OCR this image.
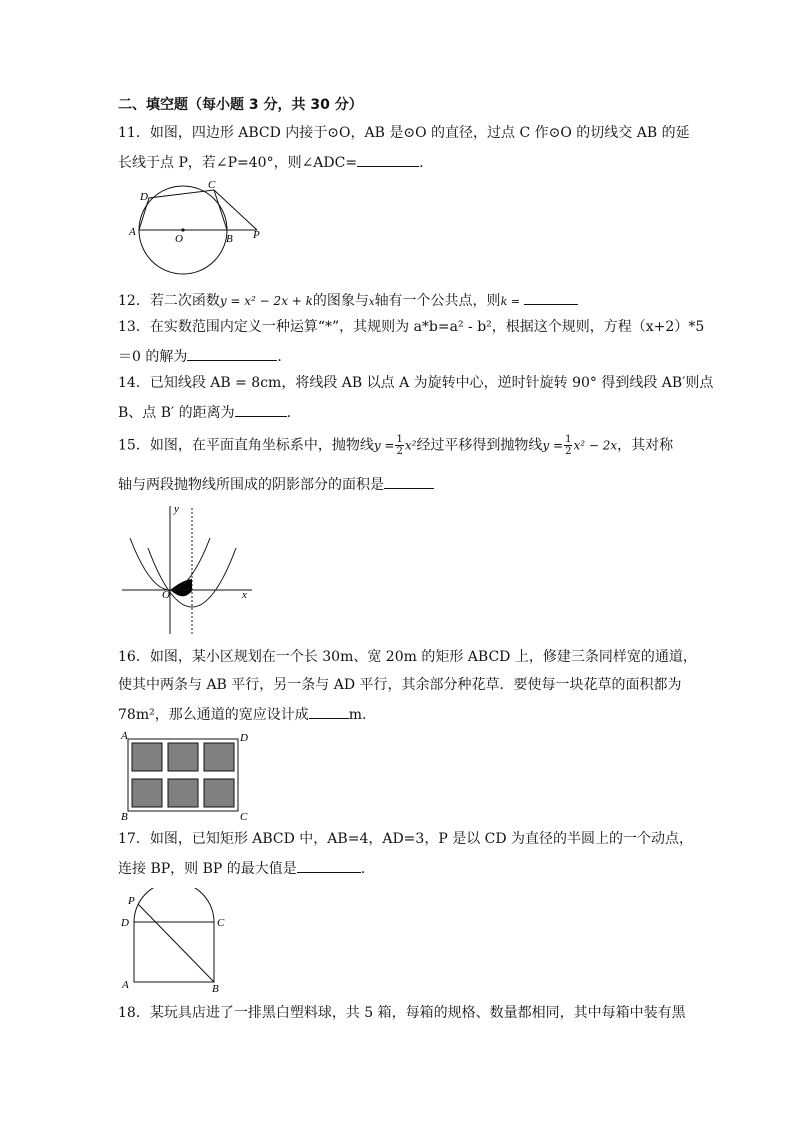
二、填空题（每小题 3 分，共 30 分）
11．如图，四边形 ABCD 内接于⊙O，AB 是⊙O 的直径，过点 C 作⊙O 的切线交 AB 的延
长线于点 P，若∠P=40°，则∠ADC=	.
A
D
C
O	B P
12．若二次函数y = x² − 2x + k的图象与x轴有一个公共点，则k =
13．在实数范围内定义一种运算“*”，其规则为 a*b=a² - b²，根据这个规则，方程（x+2）*5
＝0 的解为	.
14．已知线段 AB = 8cm，将线段 AB 以点 A 为旋转中心，逆时针旋转 90° 得到线段 AB′则点
B、点 B′ 的距离为	.
15．如图，在平面直角坐标系中，抛物线$y = \frac{1}{2} x^2$经过平移得到抛物线$y = \frac{1}{2} x^2 - 2x$，其对称
轴与两段抛物线所围成的阴影部分的面积是
O
y
x
16．如图，某小区规划在一个长 30m、宽 20m 的矩形 ABCD 上，修建三条同样宽的通道，
使其中两条与 AB 平行，另一条与 AD 平行，其余部分种花草．要使每一块花草的面积都为
78m²，那么通道的宽应设计成	m.
A	D
B	C
17．如图，已知矩形 ABCD 中，AB=4，AD=3，P 是以 CD 为直径的半圆上的一个动点，
连接 BP，则 BP 的最大值是	.
P
D	C
A	B
18．某玩具店进了一排黑白塑料球，共 5 箱，每箱的规格、数量都相同，其中每箱中装有黑
